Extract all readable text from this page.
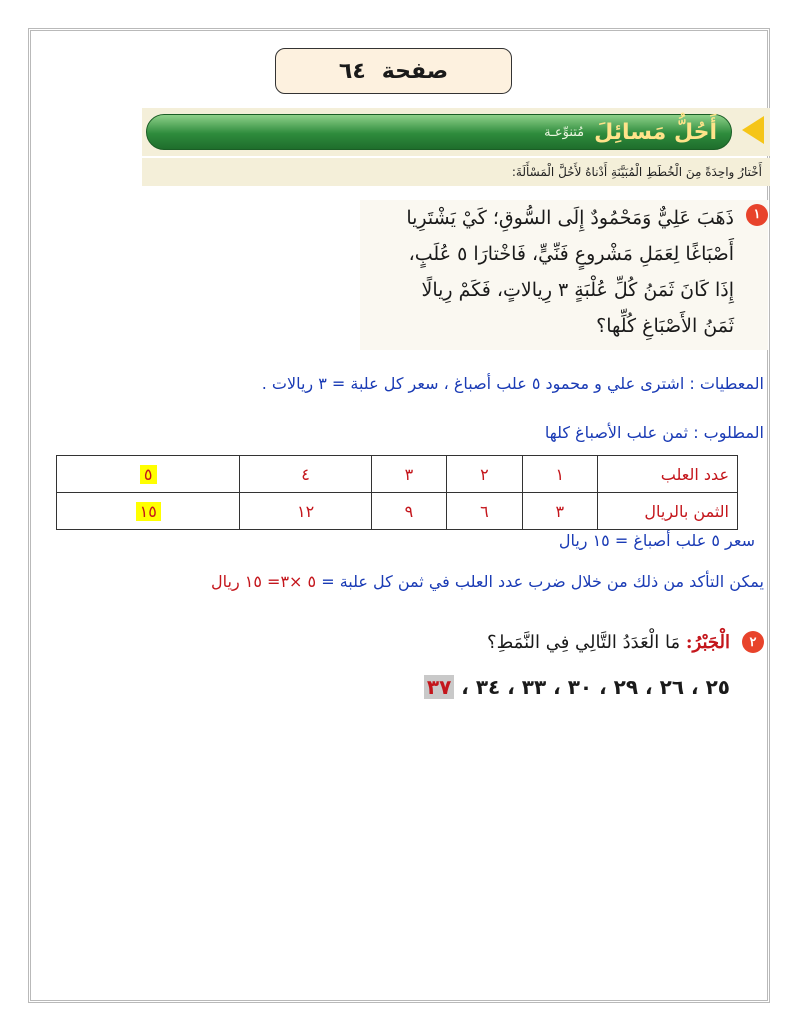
صفحة
٦٤
أَحُلُّ مَسائِلَ
مُتنوِّعـة
أَخْتارُ واحِدَةً مِنَ الْخُطَطِ الْمُبَيَّنَةِ أَدْناهُ لأَحُلَّ الْمَسْأَلَةَ:
١

ذَهَبَ عَلِيٌّ وَمَحْمُودٌ إِلَى السُّوقِ؛ كَيْ يَشْتَرِيا
أَصْبَاغًا لِعَمَلِ مَشْروعٍ فَنِّيٍّ، فَاخْتارَا ٥ عُلَبٍ،
إِذَا كَانَ ثَمَنُ كُلِّ عُلْبَةٍ ٣ رِيالاتٍ، فَكَمْ رِيالًا
ثَمَنُ الأَصْبَاغِ كُلِّها؟

المعطيات : اشترى علي و محمود ٥ علب أصباغ ، سعر كل علبة = ٣ ريالات .
المطلوب : ثمن علب الأصباغ كلها
عدد العلب	١	٢	٣	٤	٥
الثمن بالريال	٣	٦	٩	١٢	١٥
سعر ٥ علب أصباغ = ١٥ ريال
يمكن التأكد من ذلك من خلال ضرب عدد العلب في ثمن كل علبة = ٥ ×٣= ١٥ ريال
٢
الْجَبْرُ: مَا الْعَدَدُ التَّالِي فِي النَّمَطِ؟
٢٥ ، ٢٦ ، ٢٩ ، ٣٠ ، ٣٣ ، ٣٤ ، ٣٧
